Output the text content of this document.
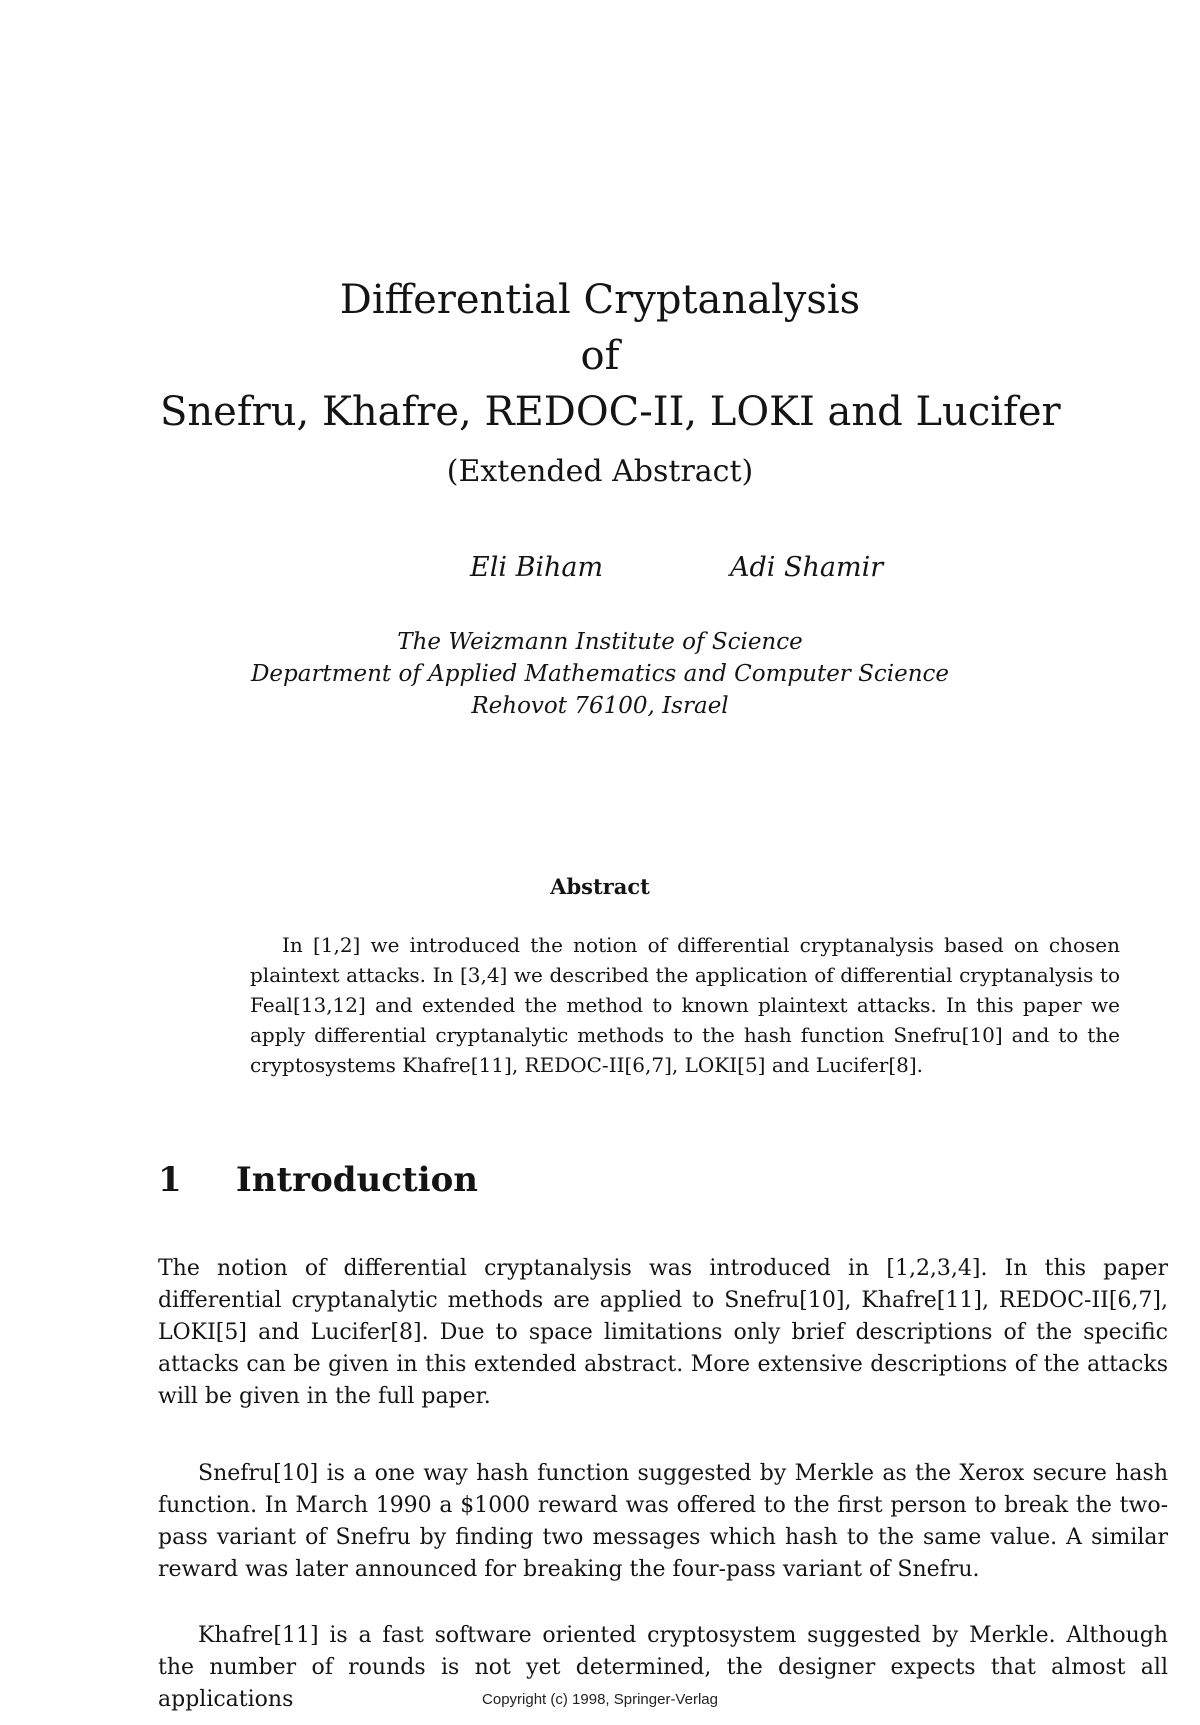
Differential Cryptanalysis
of
Snefru, Khafre, REDOC-II, LOKI and Lucifer
(Extended Abstract)
Eli Biham	Adi Shamir
The Weizmann Institute of Science
Department of Applied Mathematics and Computer Science
Rehovot 76100, Israel
Abstract

In [1,2] we introduced the notion of differential cryptanalysis based on chosen plaintext attacks. In [3,4] we described the application of differential cryptanalysis to Feal[13,12] and extended the method to known plaintext attacks. In this paper we apply differential cryptanalytic methods to the hash function Snefru[10] and to the cryptosystems Khafre[11], REDOC-II[6,7], LOKI[5] and Lucifer[8].

1 Introduction

The notion of differential cryptanalysis was introduced in [1,2,3,4]. In this paper differential cryptanalytic methods are applied to Snefru[10], Khafre[11], REDOC-II[6,7], LOKI[5] and Lucifer[8]. Due to space limitations only brief descriptions of the specific attacks can be given in this extended abstract. More extensive descriptions of the attacks will be given in the full paper.

Snefru[10] is a one way hash function suggested by Merkle as the Xerox secure hash function. In March 1990 a $1000 reward was offered to the first person to break the two-pass variant of Snefru by finding two messages which hash to the same value. A similar reward was later announced for breaking the four-pass variant of Snefru.

Khafre[11] is a fast software oriented cryptosystem suggested by Merkle. Although the number of rounds is not yet determined, the designer expects that almost all applications	Copyright (c) 1998, Springer-Verlag
